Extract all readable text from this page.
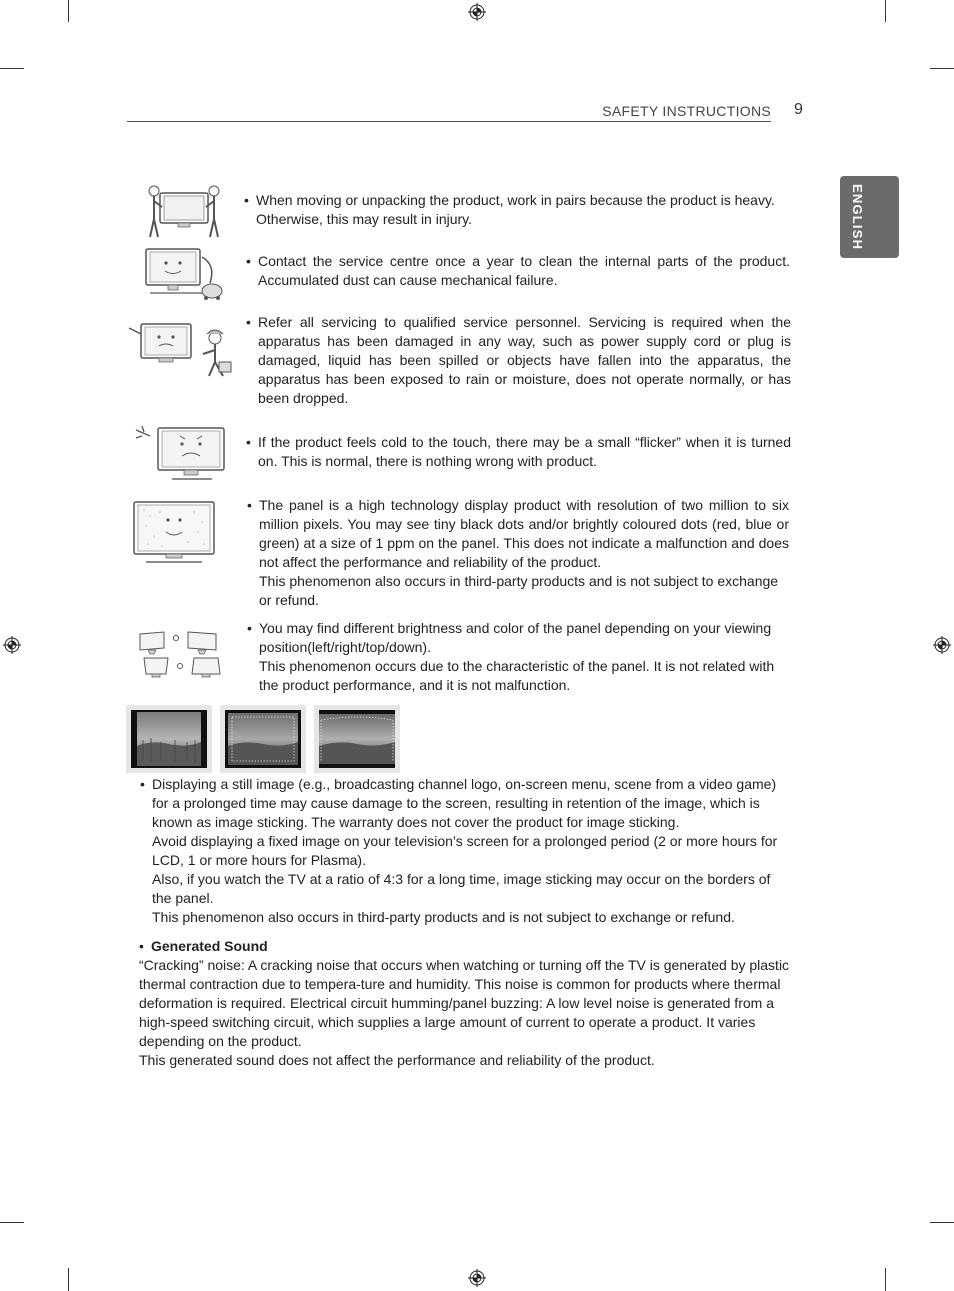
SAFETY INSTRUCTIONS 9
ENGLISH
• When moving or unpacking the product, work in pairs because the product is heavy.

Otherwise, this may result in injury.

• Contact the service centre once a year to clean the internal parts of the product. Accumulated dust can cause mechanical failure.

• Refer all servicing to qualified service personnel. Servicing is required when the apparatus has been damaged in any way, such as power supply cord or plug is damaged, liquid has been spilled or objects have fallen into the apparatus, the apparatus has been exposed to rain or moisture, does not operate normally, or has been dropped.

• If the product feels cold to the touch, there may be a small “flicker” when it is turned on. This is normal, there is nothing wrong with product.

• The panel is a high technology display product with resolution of two million to six million pixels. You may see tiny black dots and/or brightly coloured dots (red, blue or green) at a size of 1 ppm on the panel. This does not indicate a malfunction and does not affect the performance and reliability of the product.

This phenomenon also occurs in third-party products and is not subject to exchange or refund.

• You may find different brightness and color of the panel depending on your viewing position(left/right/top/down).

This phenomenon occurs due to the characteristic of the panel. It is not related with the product performance, and it is not malfunction.

• Displaying a still image (e.g., broadcasting channel logo, on-screen menu, scene from a video game) for a prolonged time may cause damage to the screen, resulting in retention of the image, which is known as image sticking. The warranty does not cover the product for image sticking.

Avoid displaying a fixed image on your television’s screen for a prolonged period (2 or more hours for LCD, 1 or more hours for Plasma).

Also, if you watch the TV at a ratio of 4:3 for a long time, image sticking may occur on the borders of the panel.

This phenomenon also occurs in third-party products and is not subject to exchange or refund.

• Generated Sound

“Cracking” noise: A cracking noise that occurs when watching or turning off the TV is generated by plastic thermal contraction due to tempera-ture and humidity. This noise is common for products where thermal deformation is required. Electrical circuit humming/panel buzzing: A low level noise is generated from a high-speed switching circuit, which supplies a large amount of current to operate a product. It varies depending on the product.

This generated sound does not affect the performance and reliability of the product.
